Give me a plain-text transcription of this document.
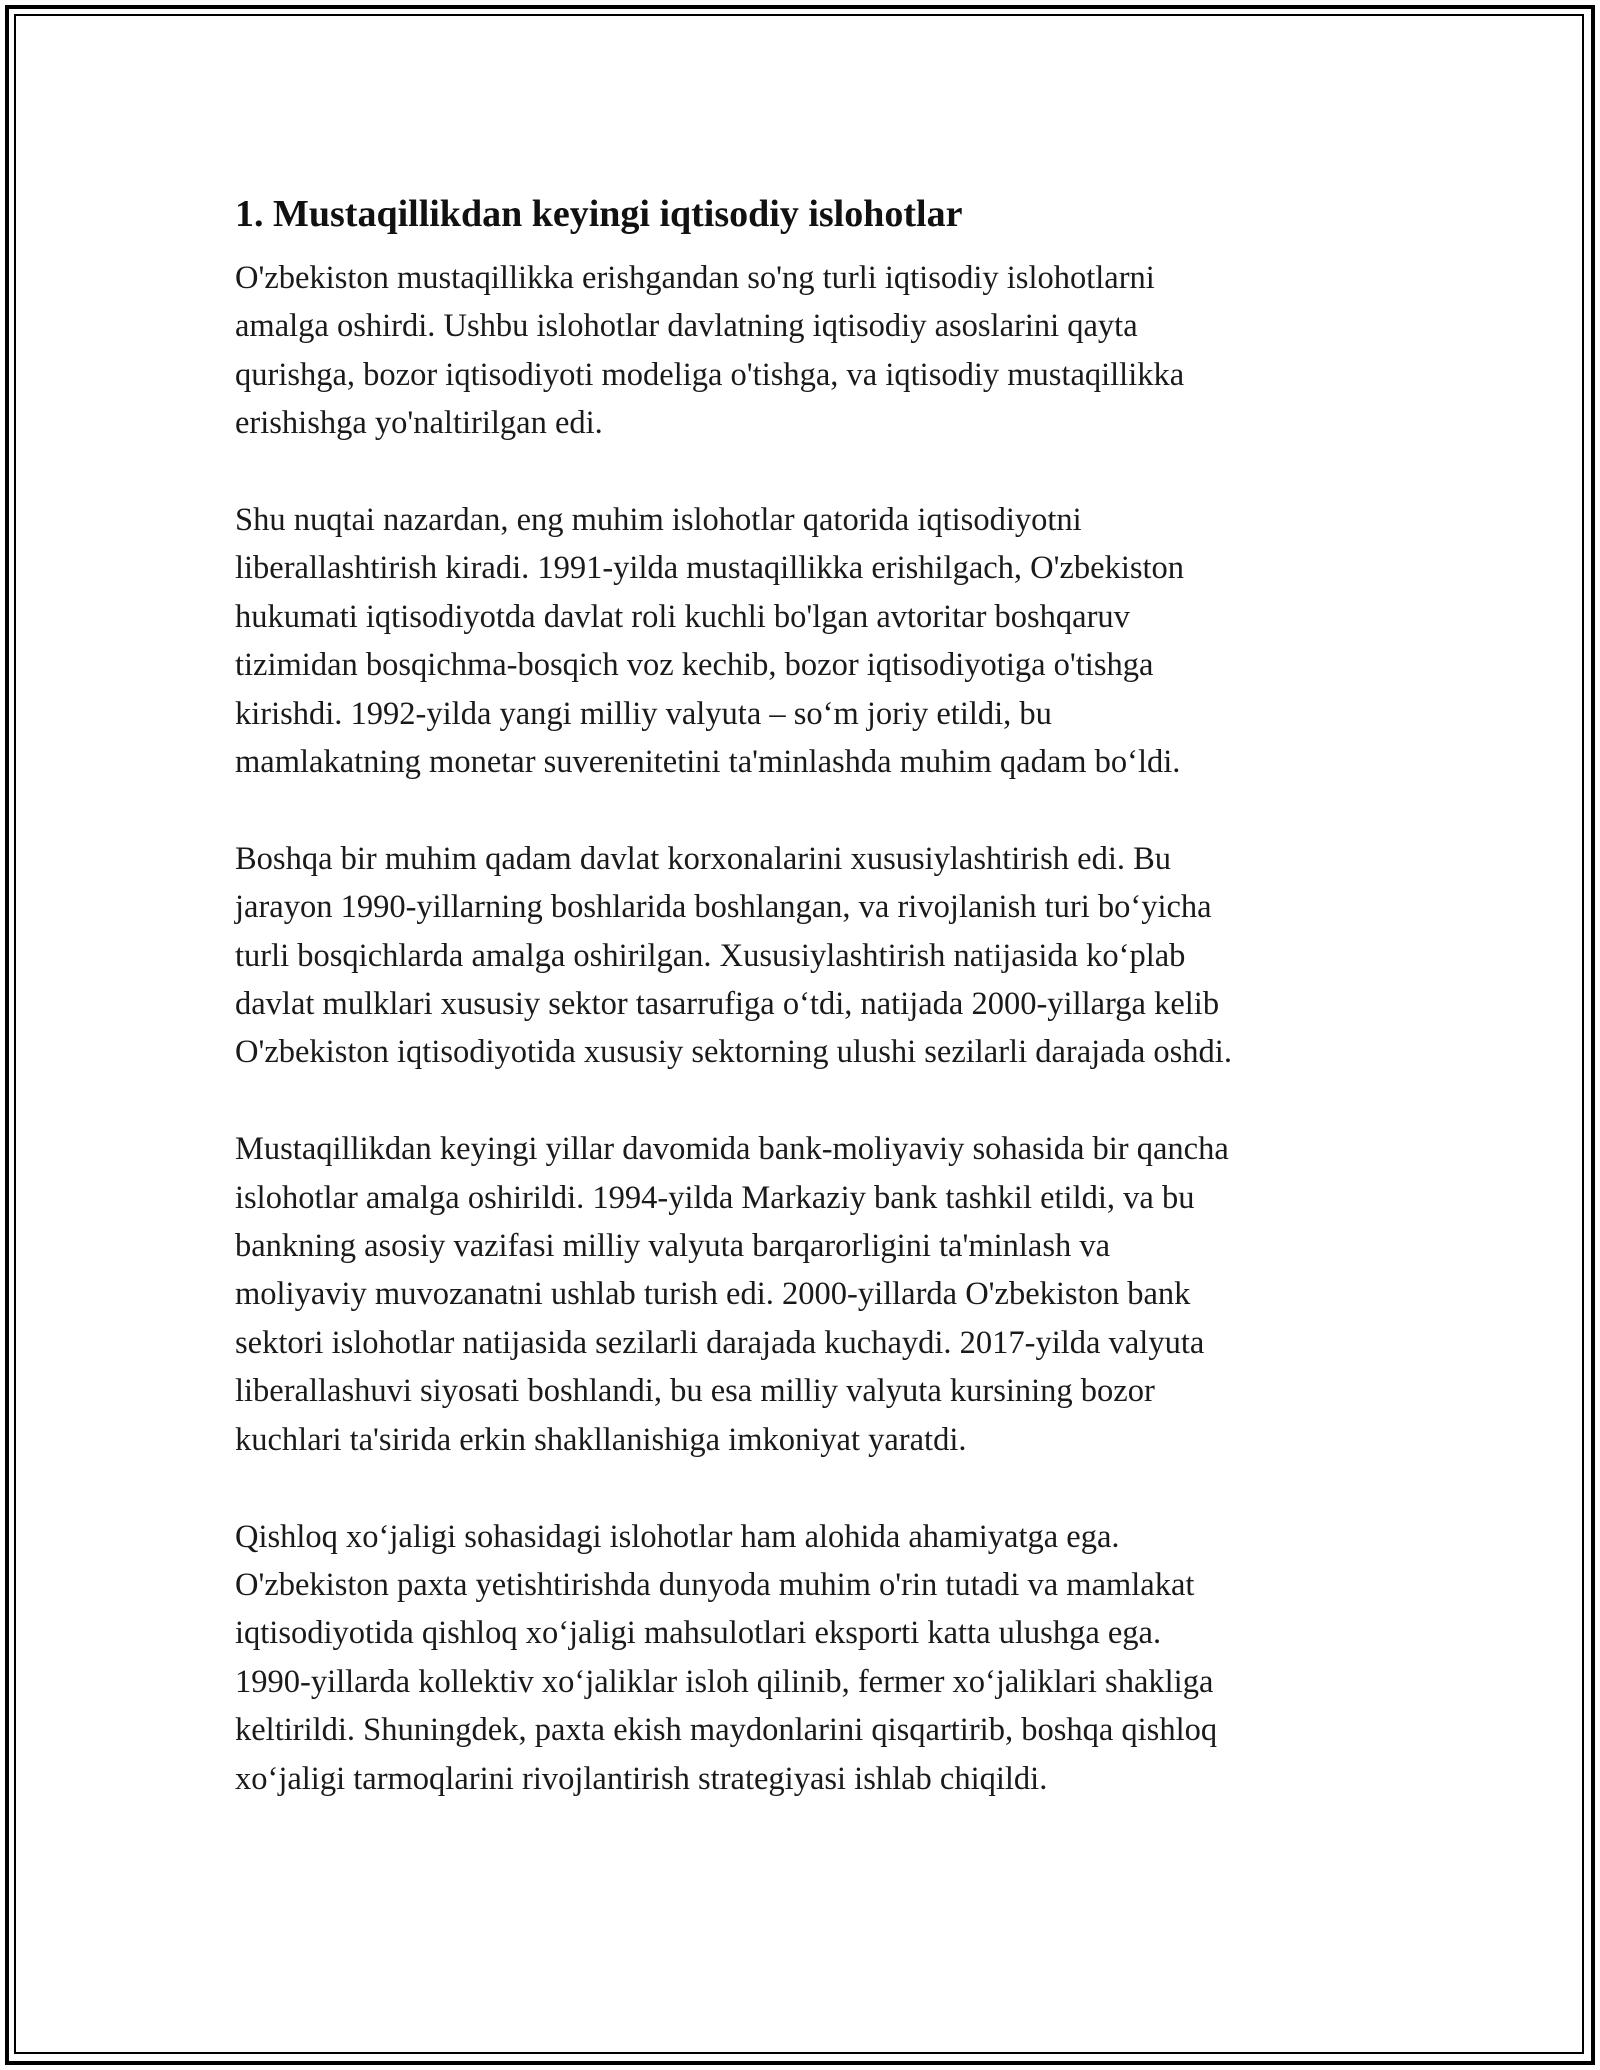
1. Mustaqillikdan keyingi iqtisodiy islohotlar

O'zbekiston mustaqillikka erishgandan so'ng turli iqtisodiy islohotlarni
amalga oshirdi. Ushbu islohotlar davlatning iqtisodiy asoslarini qayta
qurishga, bozor iqtisodiyoti modeliga o'tishga, va iqtisodiy mustaqillikka
erishishga yo'naltirilgan edi.

Shu nuqtai nazardan, eng muhim islohotlar qatorida iqtisodiyotni
liberallashtirish kiradi. 1991-yilda mustaqillikka erishilgach, O'zbekiston
hukumati iqtisodiyotda davlat roli kuchli bo'lgan avtoritar boshqaruv
tizimidan bosqichma-bosqich voz kechib, bozor iqtisodiyotiga o'tishga
kirishdi. 1992-yilda yangi milliy valyuta – so‘m joriy etildi, bu
mamlakatning monetar suverenitetini ta'minlashda muhim qadam bo‘ldi.

Boshqa bir muhim qadam davlat korxonalarini xususiylashtirish edi. Bu
jarayon 1990-yillarning boshlarida boshlangan, va rivojlanish turi bo‘yicha
turli bosqichlarda amalga oshirilgan. Xususiylashtirish natijasida ko‘plab
davlat mulklari xususiy sektor tasarrufiga o‘tdi, natijada 2000-yillarga kelib
O'zbekiston iqtisodiyotida xususiy sektorning ulushi sezilarli darajada oshdi.

Mustaqillikdan keyingi yillar davomida bank-moliyaviy sohasida bir qancha
islohotlar amalga oshirildi. 1994-yilda Markaziy bank tashkil etildi, va bu
bankning asosiy vazifasi milliy valyuta barqarorligini ta'minlash va
moliyaviy muvozanatni ushlab turish edi. 2000-yillarda O'zbekiston bank
sektori islohotlar natijasida sezilarli darajada kuchaydi. 2017-yilda valyuta
liberallashuvi siyosati boshlandi, bu esa milliy valyuta kursining bozor
kuchlari ta'sirida erkin shakllanishiga imkoniyat yaratdi.

Qishloq xo‘jaligi sohasidagi islohotlar ham alohida ahamiyatga ega.
O'zbekiston paxta yetishtirishda dunyoda muhim o'rin tutadi va mamlakat
iqtisodiyotida qishloq xo‘jaligi mahsulotlari eksporti katta ulushga ega.
1990-yillarda kollektiv xo‘jaliklar isloh qilinib, fermer xo‘jaliklari shakliga
keltirildi. Shuningdek, paxta ekish maydonlarini qisqartirib, boshqa qishloq
xo‘jaligi tarmoqlarini rivojlantirish strategiyasi ishlab chiqildi.
